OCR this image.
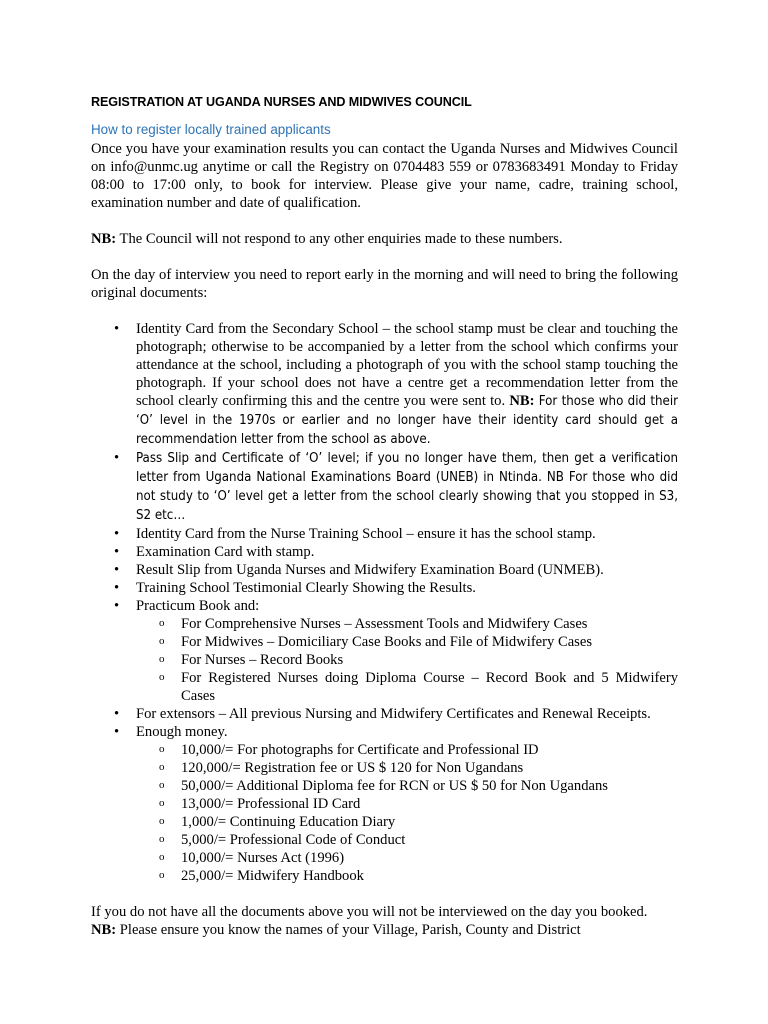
REGISTRATION AT UGANDA NURSES AND MIDWIVES COUNCIL
How to register locally trained applicants

Once you have your examination results you can contact the Uganda Nurses and Midwives Council on info@unmc.ug anytime or call the Registry on 0704483 559 or 0783683491 Monday to Friday 08:00 to 17:00 only, to book for interview. Please give your name, cadre, training school, examination number and date of qualification.

NB: The Council will not respond to any other enquiries made to these numbers.

On the day of interview you need to report early in the morning and will need to bring the following original documents:

• Identity Card from the Secondary School – the school stamp must be clear and touching the photograph; otherwise to be accompanied by a letter from the school which confirms your attendance at the school, including a photograph of you with the school stamp touching the photograph. If your school does not have a centre get a recommendation letter from the school clearly confirming this and the centre you were sent to. NB: For those who did their ‘O’ level in the 1970s or earlier and no longer have their identity card should get a recommendation letter from the school as above.
• Pass Slip and Certificate of ‘O’ level; if you no longer have them, then get a verification letter from Uganda National Examinations Board (UNEB) in Ntinda. NB For those who did not study to ‘O’ level get a letter from the school clearly showing that you stopped in S3, S2 etc…
• Identity Card from the Nurse Training School – ensure it has the school stamp.
• Examination Card with stamp.
• Result Slip from Uganda Nurses and Midwifery Examination Board (UNMEB).
• Training School Testimonial Clearly Showing the Results.
• Practicum Book and:
o For Comprehensive Nurses – Assessment Tools and Midwifery Cases
o For Midwives – Domiciliary Case Books and File of Midwifery Cases
o For Nurses – Record Books
o For Registered Nurses doing Diploma Course – Record Book and 5 Midwifery Cases
• For extensors – All previous Nursing and Midwifery Certificates and Renewal Receipts.
• Enough money.
o 10,000/= For photographs for Certificate and Professional ID
o 120,000/= Registration fee or US $ 120 for Non Ugandans
o 50,000/= Additional Diploma fee for RCN or US $ 50 for Non Ugandans
o 13,000/= Professional ID Card
o 1,000/= Continuing Education Diary
o 5,000/= Professional Code of Conduct
o 10,000/= Nurses Act (1996)
o 25,000/= Midwifery Handbook

If you do not have all the documents above you will not be interviewed on the day you booked.

NB: Please ensure you know the names of your Village, Parish, County and District
